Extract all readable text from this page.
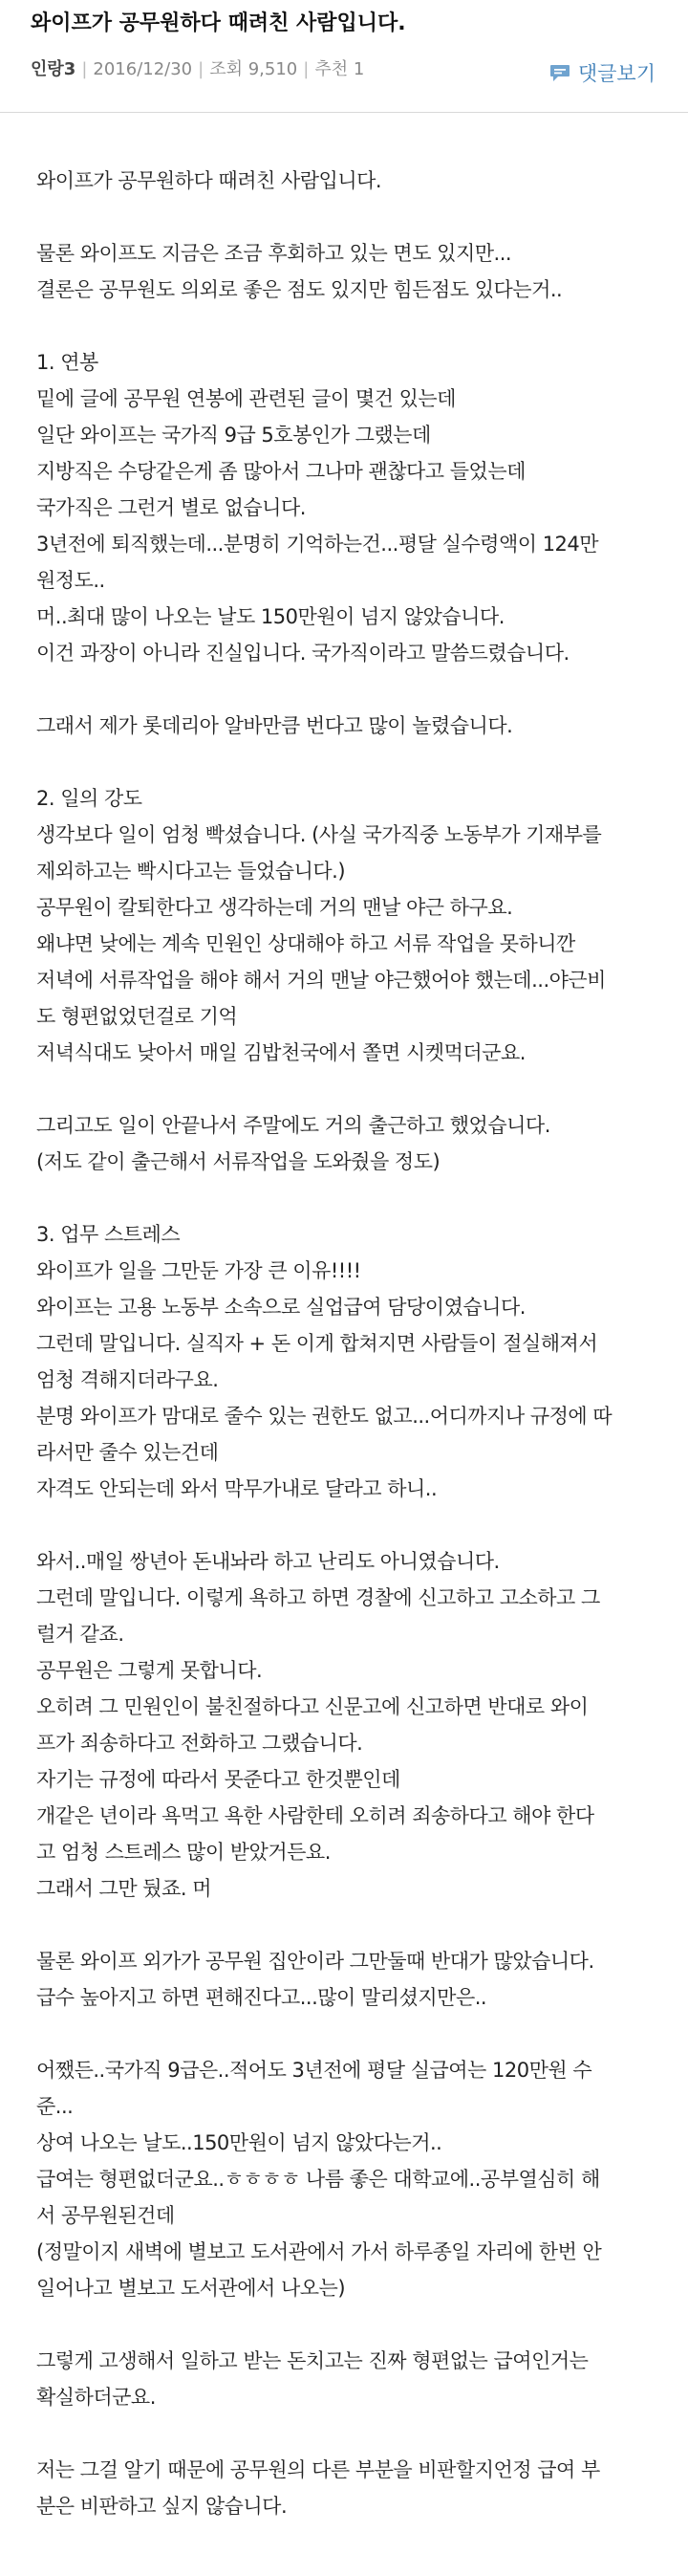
와이프가 공무원하다 때려친 사람입니다.
인랑3 | 2016/12/30 | 조회 9,510 | 추천 1	댓글보기
와이프가 공무원하다 때려친 사람입니다.
물론 와이프도 지금은 조금 후회하고 있는 면도 있지만...
결론은 공무원도 의외로 좋은 점도 있지만 힘든점도 있다는거..
1. 연봉
밑에 글에 공무원 연봉에 관련된 글이 몇건 있는데
일단 와이프는 국가직 9급 5호봉인가 그랬는데
지방직은 수당같은게 좀 많아서 그나마 괜찮다고 들었는데
국가직은 그런거 별로 없습니다.
3년전에 퇴직했는데...분명히 기억하는건...평달 실수령액이 124만
원정도..
머..최대 많이 나오는 날도 150만원이 넘지 않았습니다.
이건 과장이 아니라 진실입니다. 국가직이라고 말씀드렸습니다.
그래서 제가 롯데리아 알바만큼 번다고 많이 놀렸습니다.
2. 일의 강도
생각보다 일이 엄청 빡셨습니다. (사실 국가직중 노동부가 기재부를
제외하고는 빡시다고는 들었습니다.)
공무원이 칼퇴한다고 생각하는데 거의 맨날 야근 하구요.
왜냐면 낮에는 계속 민원인 상대해야 하고 서류 작업을 못하니깐
저녁에 서류작업을 해야 해서 거의 맨날 야근했어야 했는데...야근비
도 형편없었던걸로 기억
저녁식대도 낮아서 매일 김밥천국에서 쫄면 시켓먹더군요.
그리고도 일이 안끝나서 주말에도 거의 출근하고 했었습니다.
(저도 같이 출근해서 서류작업을 도와줬을 정도)
3. 업무 스트레스
와이프가 일을 그만둔 가장 큰 이유!!!!
와이프는 고용 노동부 소속으로 실업급여 담당이였습니다.
그런데 말입니다. 실직자 + 돈 이게 합쳐지면 사람들이 절실해져서
엄청 격해지더라구요.
분명 와이프가 맘대로 줄수 있는 권한도 없고...어디까지나 규정에 따
라서만 줄수 있는건데
자격도 안되는데 와서 막무가내로 달라고 하니..
와서..매일 쌍년아 돈내놔라 하고 난리도 아니였습니다.
그런데 말입니다. 이렇게 욕하고 하면 경찰에 신고하고 고소하고 그
럴거 같죠.
공무원은 그렇게 못합니다.
오히려 그 민원인이 불친절하다고 신문고에 신고하면 반대로 와이
프가 죄송하다고 전화하고 그랬습니다.
자기는 규정에 따라서 못준다고 한것뿐인데
개같은 년이라 욕먹고 욕한 사람한테 오히려 죄송하다고 해야 한다
고 엄청 스트레스 많이 받았거든요.
그래서 그만 뒀죠. 머
물론 와이프 외가가 공무원 집안이라 그만둘때 반대가 많았습니다.
급수 높아지고 하면 편해진다고...많이 말리셨지만은..
어쨌든..국가직 9급은..적어도 3년전에 평달 실급여는 120만원 수
준...
상여 나오는 날도..150만원이 넘지 않았다는거..
급여는 형편없더군요..ㅎㅎㅎㅎ 나름 좋은 대학교에..공부열심히 해
서 공무원된건데
(정말이지 새벽에 별보고 도서관에서 가서 하루종일 자리에 한번 안
일어나고 별보고 도서관에서 나오는)
그렇게 고생해서 일하고 받는 돈치고는 진짜 형편없는 급여인거는
확실하더군요.
저는 그걸 알기 때문에 공무원의 다른 부분을 비판할지언정 급여 부
분은 비판하고 싶지 않습니다.
